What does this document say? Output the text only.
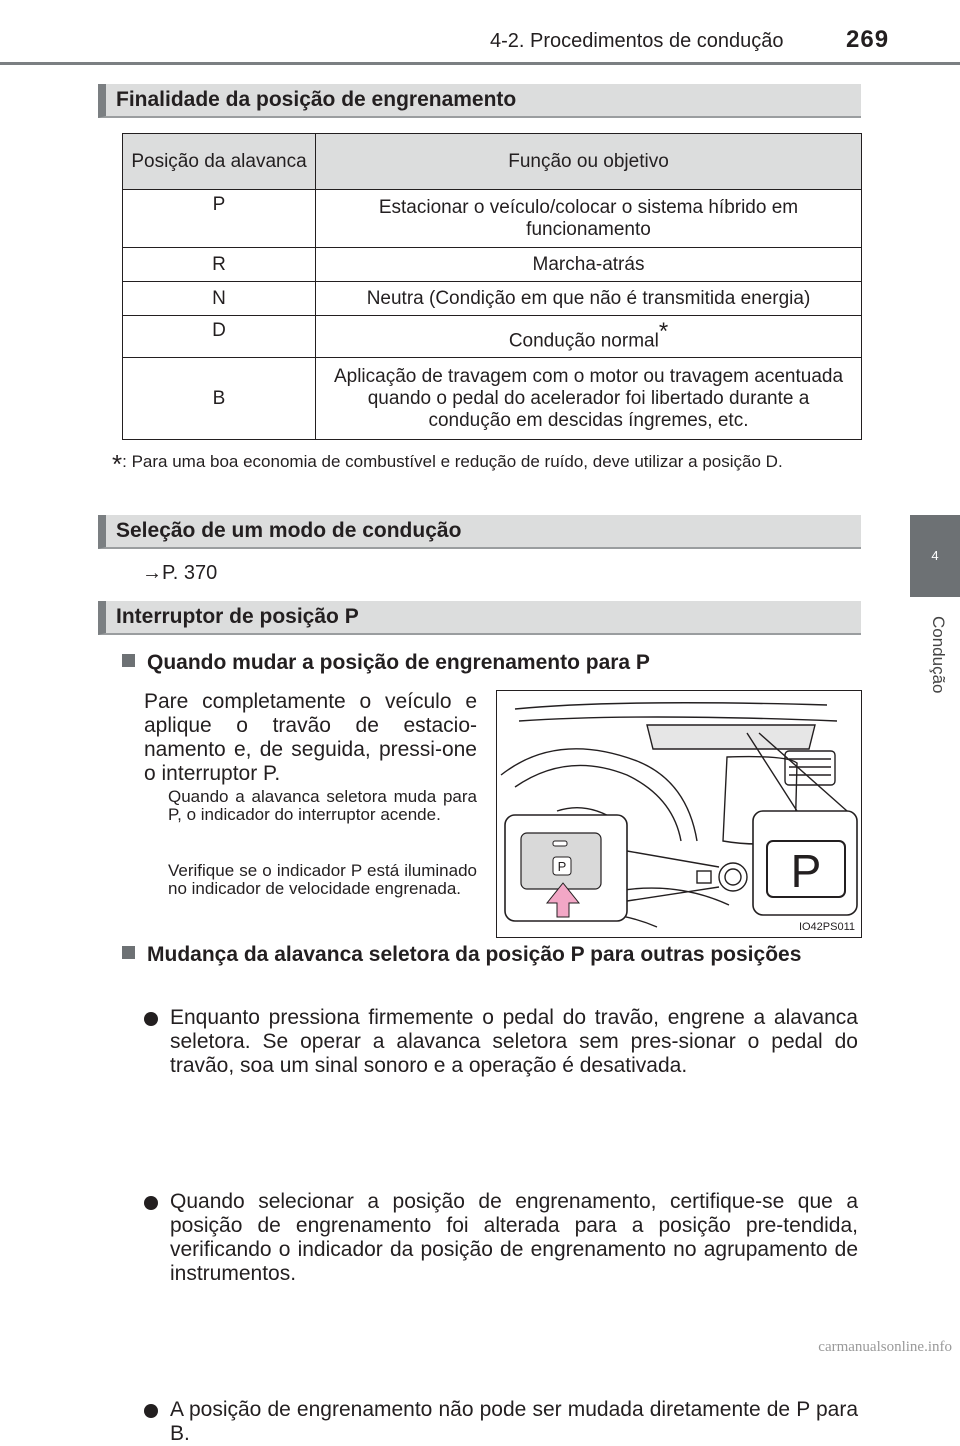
4-2. Procedimentos de condução	269
4
Condução
Finalidade da posição de engrenamento
Posição da alavanca	Função ou objetivo
P	Estacionar o veículo/colocar o sistema híbrido em funcionamento
R	Marcha-atrás
N	Neutra (Condição em que não é transmitida energia)
D	Condução normal*
B	Aplicação de travagem com o motor ou travagem acentuada quando o pedal do acelerador foi libertado durante a condução em descidas íngremes, etc.
*: Para uma boa economia de combustível e redução de ruído, deve utilizar a posição D.
Seleção de um modo de condução
→P. 370
Interruptor de posição P
Quando mudar a posição de engrenamento para P
Pare completamente o veículo e aplique o travão de estacio-namento e, de seguida, pressi-one o interruptor P.
Quando a alavanca seletora muda para P, o indicador do interruptor acende.
Verifique se o indicador P está iluminado no indicador de velocidade engrenada.
P	P
IO42PS011
Mudança da alavanca seletora da posição P para outras posições
Enquanto pressiona firmemente o pedal do travão, engrene a alavanca seletora. Se operar a alavanca seletora sem pres-sionar o pedal do travão, soa um sinal sonoro e a operação é desativada.
Quando selecionar a posição de engrenamento, certifique-se que a posição de engrenamento foi alterada para a posição pre-tendida, verificando o indicador da posição de engrenamento no agrupamento de instrumentos.
A posição de engrenamento não pode ser mudada diretamente de P para B.
carmanualsonline.info
